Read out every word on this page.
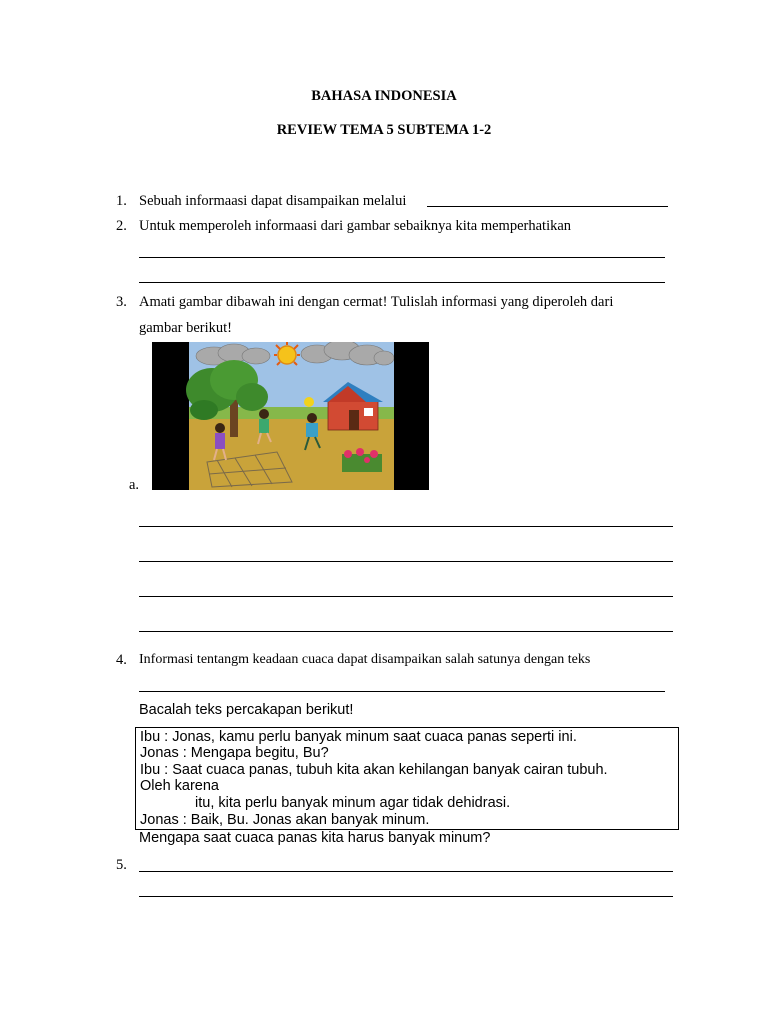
BAHASA INDONESIA
REVIEW TEMA 5 SUBTEMA 1-2
1. Sebuah informaasi dapat disampaikan melalui
2. Untuk memperoleh informaasi dari gambar sebaiknya kita memperhatikan
3. Amati gambar dibawah ini dengan cermat! Tulislah informasi yang diperoleh dari
gambar berikut!
a.
4. Informasi tentangm keadaan cuaca dapat disampaikan salah satunya dengan teks
Bacalah teks percakapan berikut!
Ibu : Jonas, kamu perlu banyak minum saat cuaca panas seperti ini.
Jonas : Mengapa begitu, Bu?
Ibu : Saat cuaca panas, tubuh kita akan kehilangan banyak cairan tubuh.
Oleh karena
itu, kita perlu banyak minum agar tidak dehidrasi.
Jonas : Baik, Bu. Jonas akan banyak minum.
Mengapa saat cuaca panas kita harus banyak minum?
5.
